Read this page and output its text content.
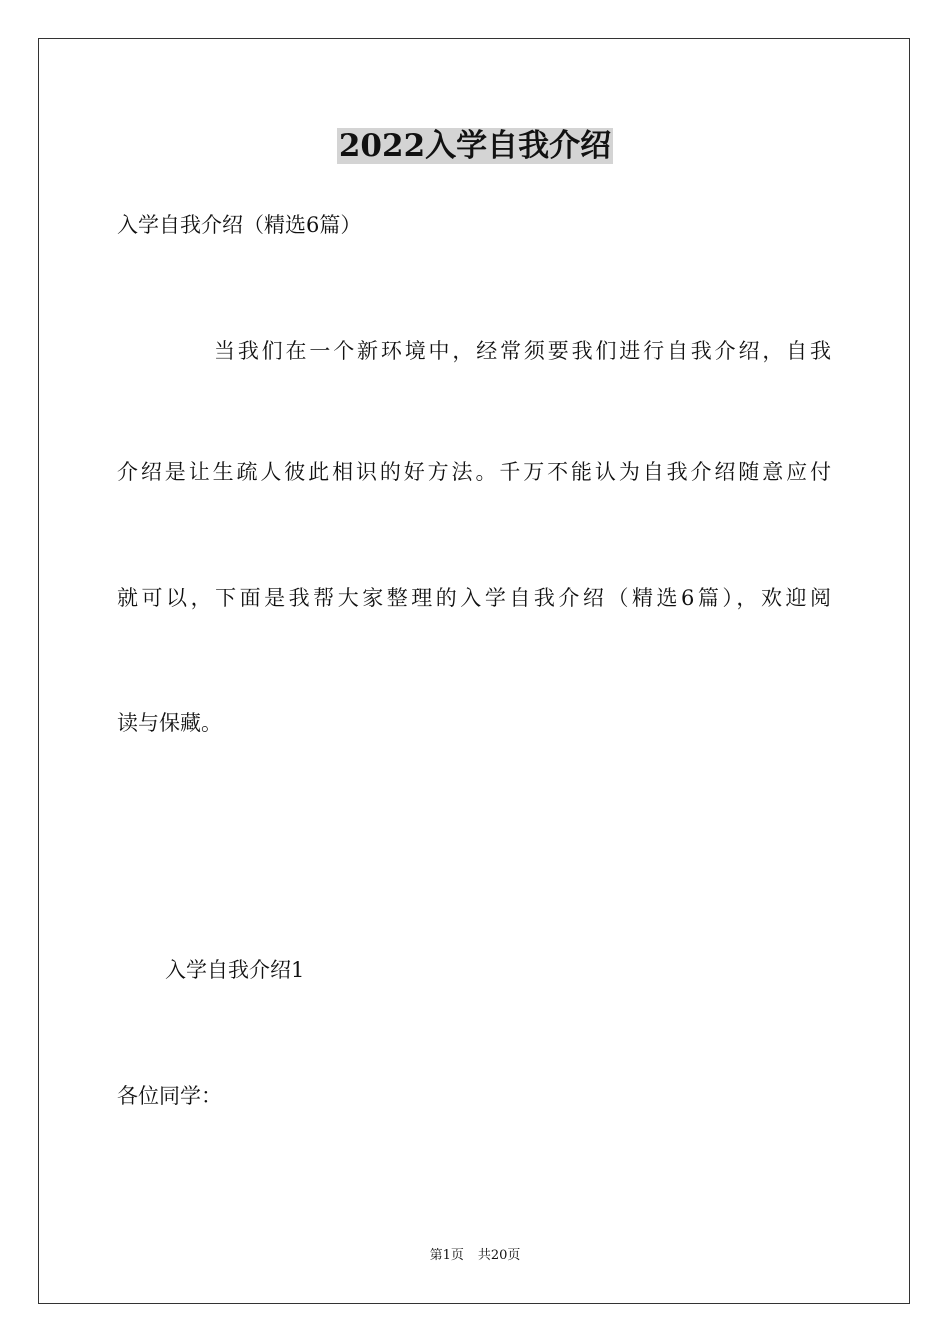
2022入学自我介绍
入学自我介绍（精选6篇）
当我们在一个新环境中，经常须要我们进行自我介绍，自我
介绍是让生疏人彼此相识的好方法。千万不能认为自我介绍随意应付
就可以，下面是我帮大家整理的入学自我介绍（精选6篇），欢迎阅
读与保藏。
入学自我介绍1
各位同学：
第1页 共20页
